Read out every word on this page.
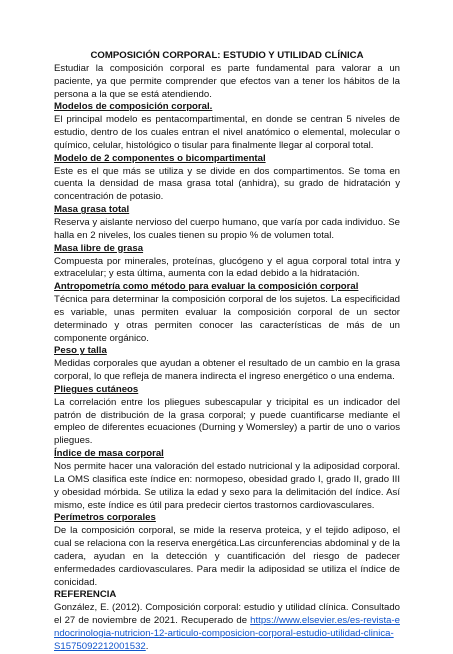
COMPOSICIÓN CORPORAL: ESTUDIO Y UTILIDAD CLÍNICA

Estudiar la composición corporal es parte fundamental para valorar a un paciente, ya que permite comprender que efectos van a tener los hábitos de la persona a la que se está atendiendo.

Modelos de composición corporal.

El principal modelo es pentacompartimental, en donde se centran 5 niveles de estudio, dentro de los cuales entran el nivel anatómico o elemental, molecular o químico, celular, histológico o tisular para finalmente llegar al corporal total.

Modelo de 2 componentes o bicompartimental

Este es el que más se utiliza y se divide en dos compartimentos. Se toma en cuenta la densidad de masa grasa total (anhidra), su grado de hidratación y concentración de potasio.

Masa grasa total

Reserva y aislante nervioso del cuerpo humano, que varía por cada individuo. Se halla en 2 niveles, los cuales tienen su propio % de volumen total.

Masa libre de grasa

Compuesta por minerales, proteínas, glucógeno y el agua corporal total intra y extracelular; y esta última, aumenta con la edad debido a la hidratación.

Antropometría como método para evaluar la composición corporal

Técnica para determinar la composición corporal de los sujetos. La especificidad es variable, unas permiten evaluar la composición corporal de un sector determinado y otras permiten conocer las características de más de un componente orgánico.

Peso y talla

Medidas corporales que ayudan a obtener el resultado de un cambio en la grasa corporal, lo que refleja de manera indirecta el ingreso energético o una endema.

Pliegues cutáneos

La correlación entre los pliegues subescapular y tricipital es un indicador del patrón de distribución de la grasa corporal; y puede cuantificarse mediante el empleo de diferentes ecuaciones (Durning y Womersley) a partir de uno o varios pliegues.

Índice de masa corporal

Nos permite hacer una valoración del estado nutricional y la adiposidad corporal. La OMS clasifica este índice en: normopeso, obesidad grado I, grado II, grado III y obesidad mórbida. Se utiliza la edad y sexo para la delimitación del índice. Así mismo, este índice es útil para predecir ciertos trastornos cardiovasculares.

Perímetros corporales

De la composición corporal, se mide la reserva proteica, y el tejido adiposo, el cual se relaciona con la reserva energética.Las circunferencias abdominal y de la cadera, ayudan en la detección y cuantificación del riesgo de padecer enfermedades cardiovasculares. Para medir la adiposidad se utiliza el índice de conicidad.

REFERENCIA

González, E. (2012). Composición corporal: estudio y utilidad clínica. Consultado el 27 de noviembre de 2021. Recuperado de https://www.elsevier.es/es-revista-endocrinologia-nutricion-12-articulo-composicion-corporal-estudio-utilidad-clinica-S1575092212001532.
